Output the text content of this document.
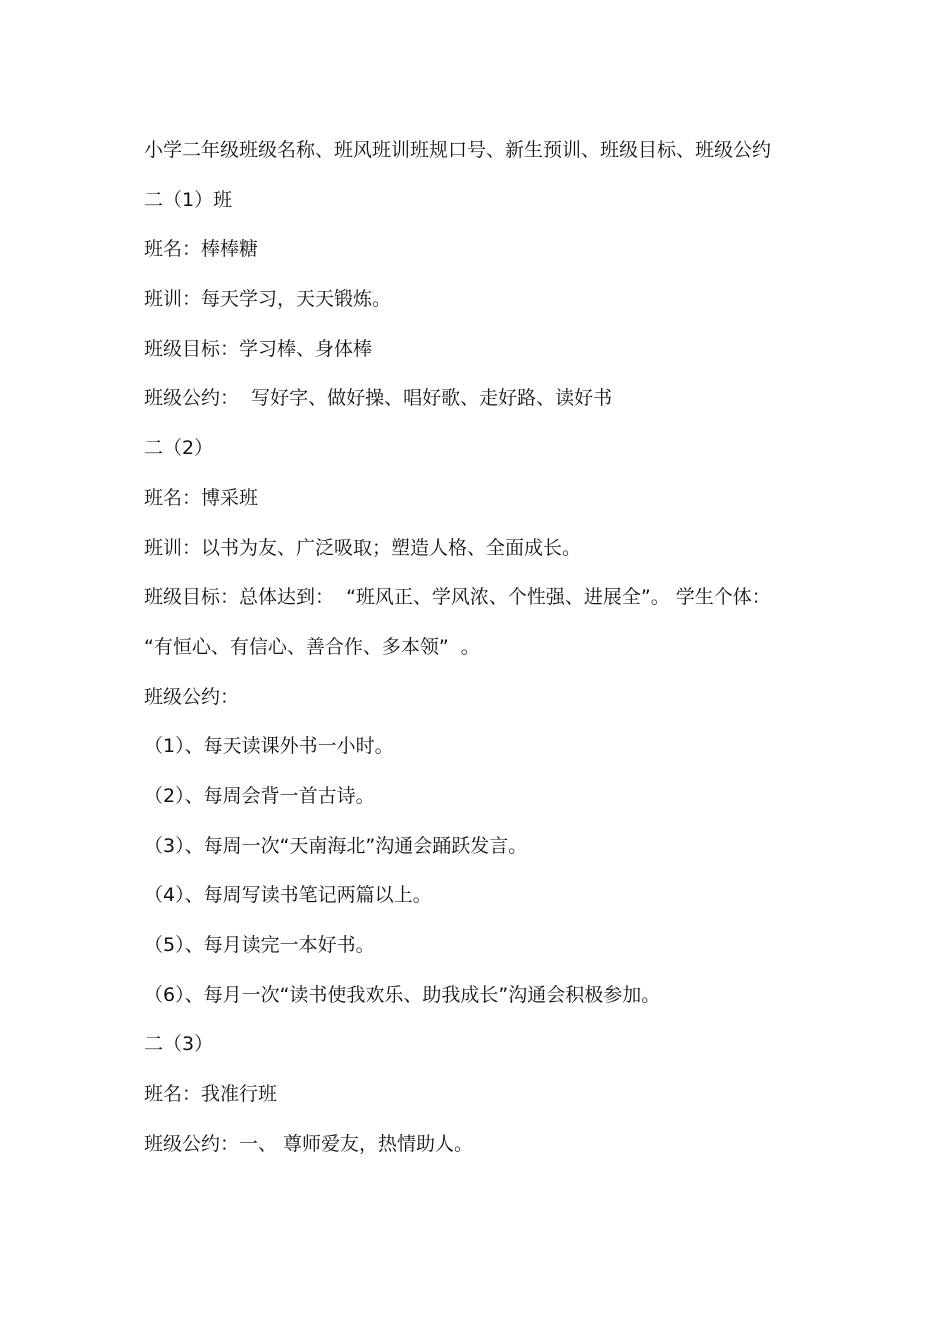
小学二年级班级名称、班风班训班规口号、新生预训、班级目标、班级公约
二（1）班
班名：棒棒糖
班训：每天学习，天天锻炼。
班级目标：学习棒、身体棒
班级公约：  写好字、做好操、唱好歌、走好路、读好书
二（2）
班名：博采班
班训：以书为友、广泛吸取；塑造人格、全面成长。
班级目标：总体达到：  “班风正、学风浓、个性强、进展全”。 学生个体：
“有恒心、有信心、善合作、多本领”  。
班级公约：
（1）、每天读课外书一小时。
（2）、每周会背一首古诗。
（3）、每周一次“天南海北”沟通会踊跃发言。
（4）、每周写读书笔记两篇以上。
（5）、每月读完一本好书。
（6）、每月一次“读书使我欢乐、助我成长”沟通会积极参加。
二（3）
班名：我准行班
班级公约：一、 尊师爱友，热情助人。
